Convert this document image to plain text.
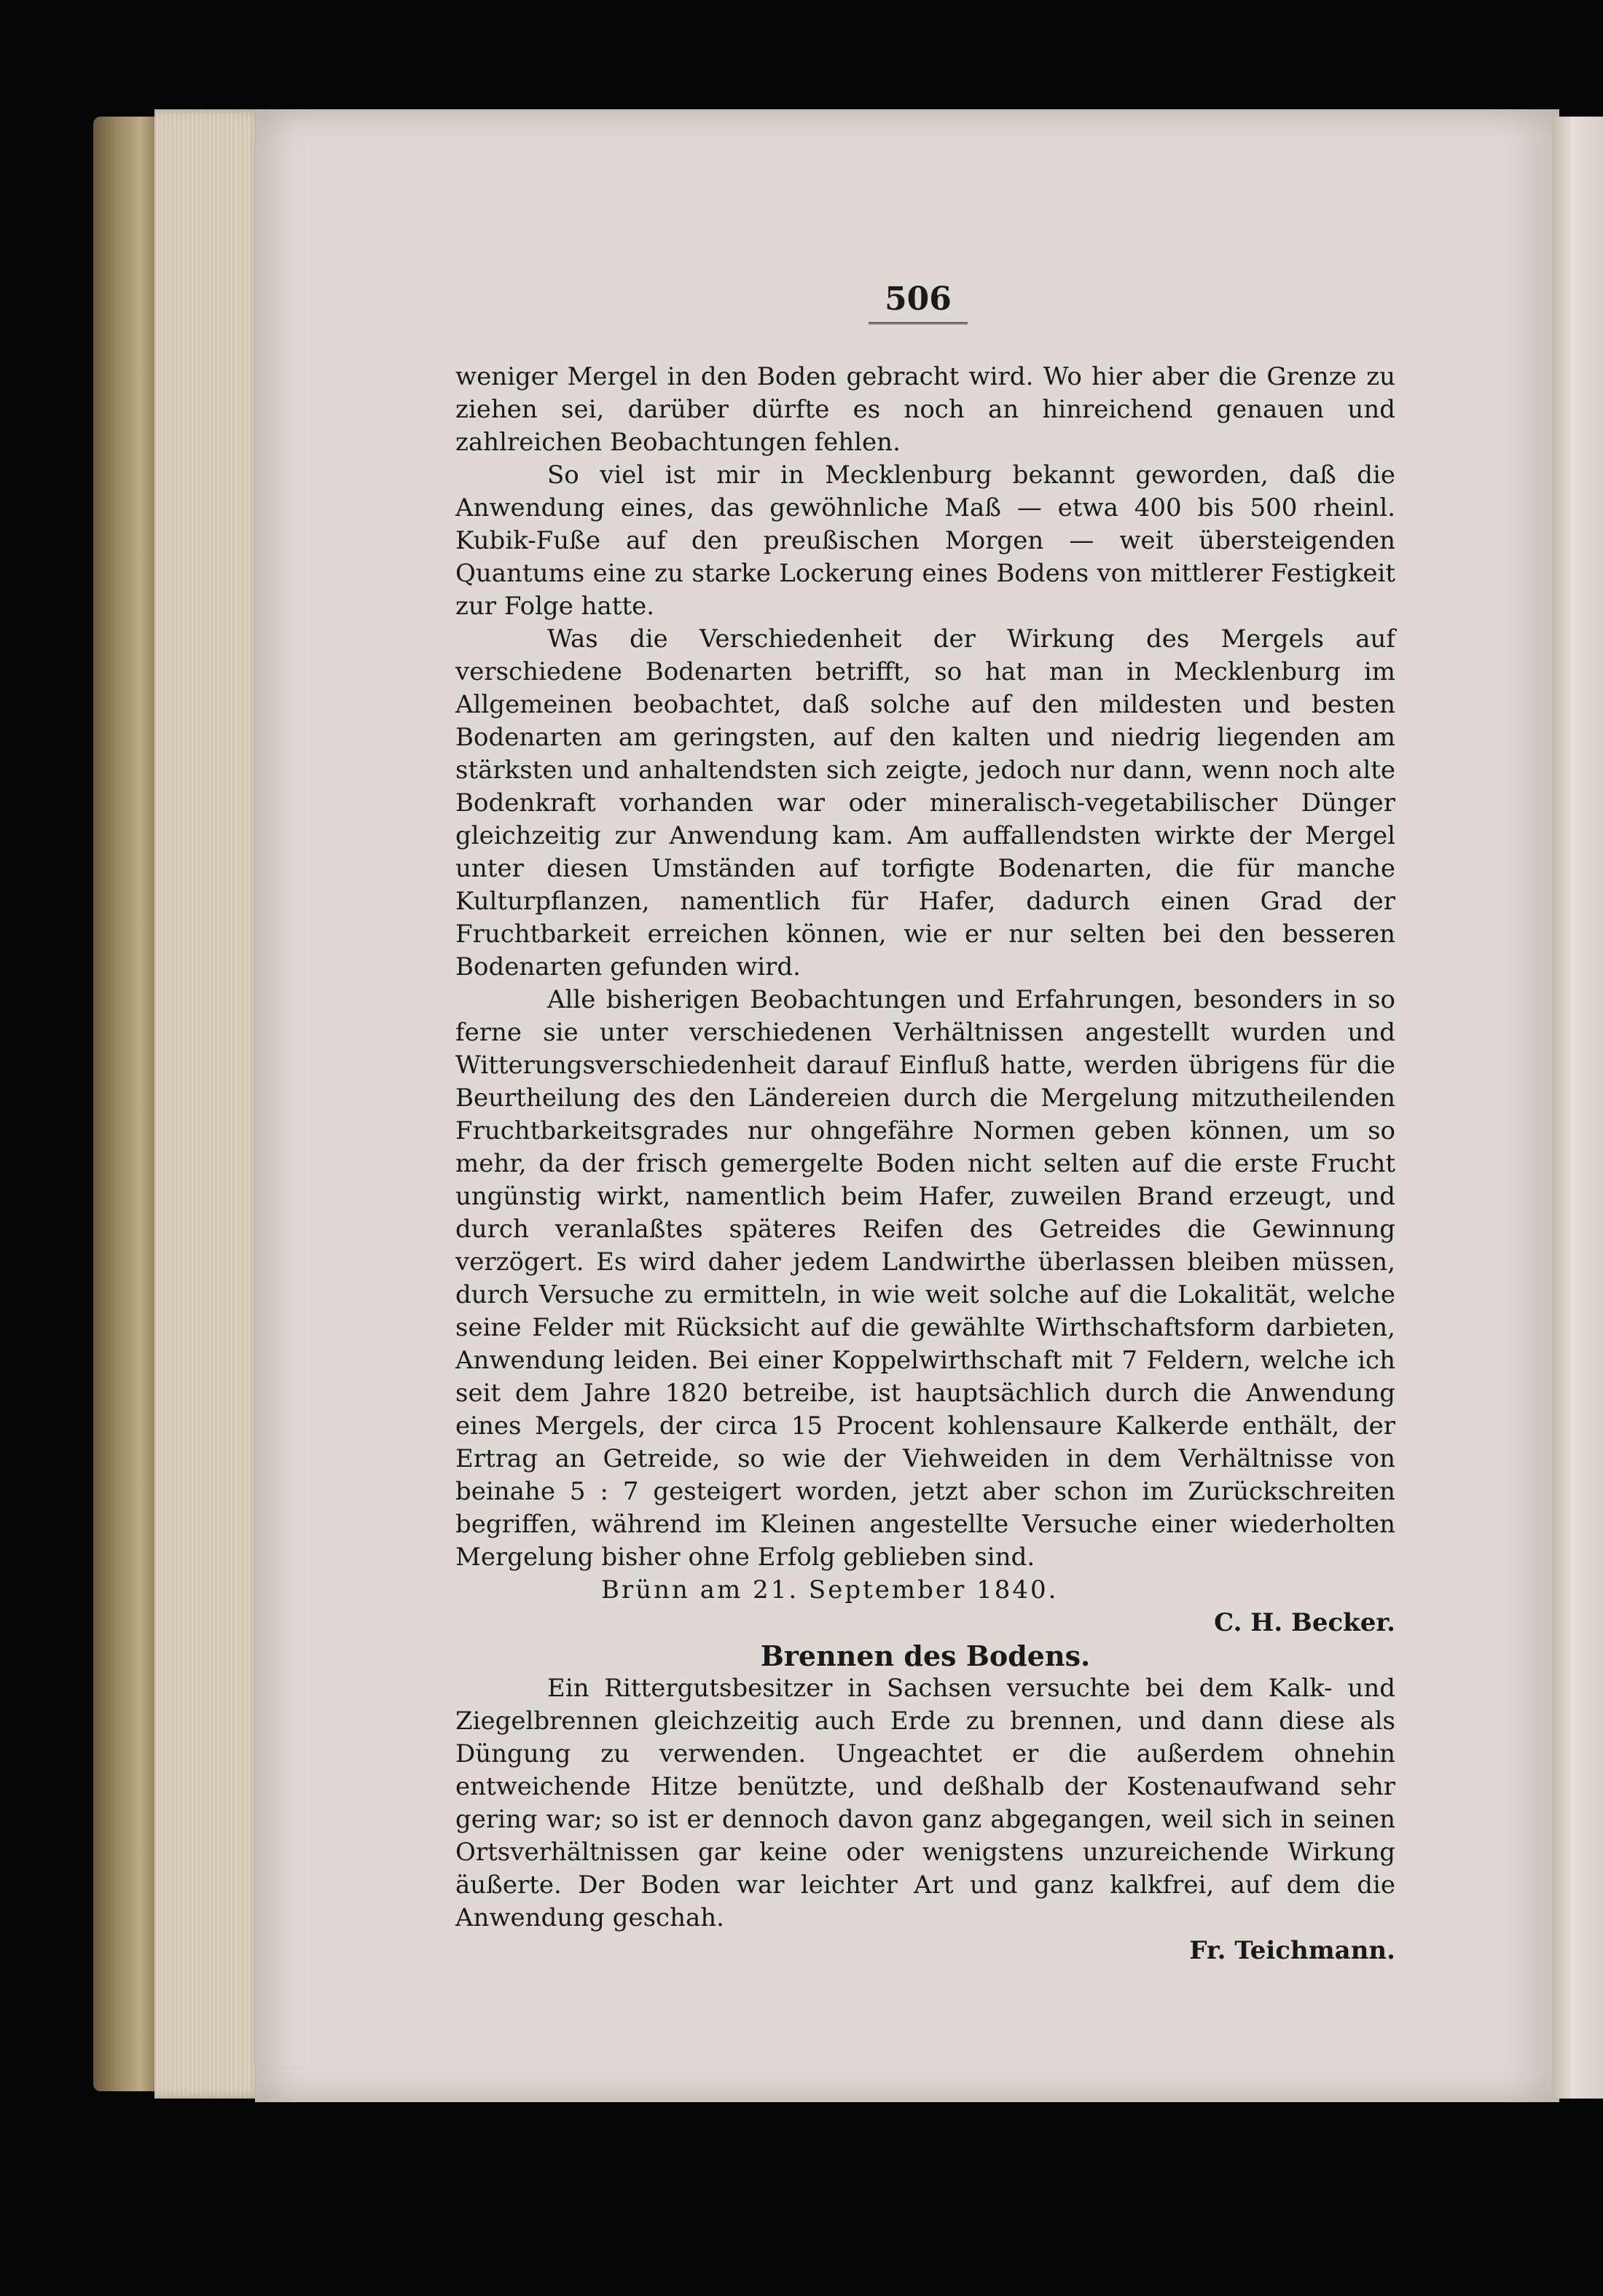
506

weniger Mergel in den Boden gebracht wird. Wo hier aber die Grenze zu ziehen sei, darüber dürfte es noch an hinreichend genauen und zahlreichen Beobachtungen fehlen.

So viel ist mir in Mecklenburg bekannt geworden, daß die Anwendung eines, das gewöhnliche Maß — etwa 400 bis 500 rheinl. Kubik-Fuße auf den preußischen Morgen — weit übersteigenden Quantums eine zu starke Lockerung eines Bodens von mittlerer Festigkeit zur Folge hatte.

Was die Verschiedenheit der Wirkung des Mergels auf verschiedene Bodenarten betrifft, so hat man in Mecklenburg im Allgemeinen beobachtet, daß solche auf den mildesten und besten Bodenarten am geringsten, auf den kalten und niedrig liegenden am stärksten und anhaltendsten sich zeigte, jedoch nur dann, wenn noch alte Bodenkraft vorhanden war oder mineralisch-vegetabilischer Dünger gleichzeitig zur Anwendung kam. Am auffallendsten wirkte der Mergel unter diesen Umständen auf torfigte Bodenarten, die für manche Kulturpflanzen, namentlich für Hafer, dadurch einen Grad der Fruchtbarkeit erreichen können, wie er nur selten bei den besseren Bodenarten gefunden wird.

Alle bisherigen Beobachtungen und Erfahrungen, besonders in so ferne sie unter verschiedenen Verhältnissen angestellt wurden und Witterungsverschiedenheit darauf Einfluß hatte, werden übrigens für die Beurtheilung des den Ländereien durch die Mergelung mitzutheilenden Fruchtbarkeitsgrades nur ohngefähre Normen geben können, um so mehr, da der frisch gemergelte Boden nicht selten auf die erste Frucht ungünstig wirkt, namentlich beim Hafer, zuweilen Brand erzeugt, und durch veranlaßtes späteres Reifen des Getreides die Gewinnung verzögert. Es wird daher jedem Landwirthe überlassen bleiben müssen, durch Versuche zu ermitteln, in wie weit solche auf die Lokalität, welche seine Felder mit Rücksicht auf die gewählte Wirthschaftsform darbieten, Anwendung leiden. Bei einer Koppelwirthschaft mit 7 Feldern, welche ich seit dem Jahre 1820 betreibe, ist hauptsächlich durch die Anwendung eines Mergels, der circa 15 Procent kohlensaure Kalkerde enthält, der Ertrag an Getreide, so wie der Viehweiden in dem Verhältnisse von beinahe 5 : 7 gesteigert worden, jetzt aber schon im Zurückschreiten begriffen, während im Kleinen angestellte Versuche einer wiederholten Mergelung bisher ohne Erfolg geblieben sind.

Brünn am 21. September 1840.

C. H. Becker.

Brennen des Bodens.

Ein Rittergutsbesitzer in Sachsen versuchte bei dem Kalk- und Ziegelbrennen gleichzeitig auch Erde zu brennen, und dann diese als Düngung zu verwenden. Ungeachtet er die außerdem ohnehin entweichende Hitze benützte, und deßhalb der Kostenaufwand sehr gering war; so ist er dennoch davon ganz abgegangen, weil sich in seinen Ortsverhältnissen gar keine oder wenigstens unzureichende Wirkung äußerte. Der Boden war leichter Art und ganz kalkfrei, auf dem die Anwendung geschah.

Fr. Teichmann.
